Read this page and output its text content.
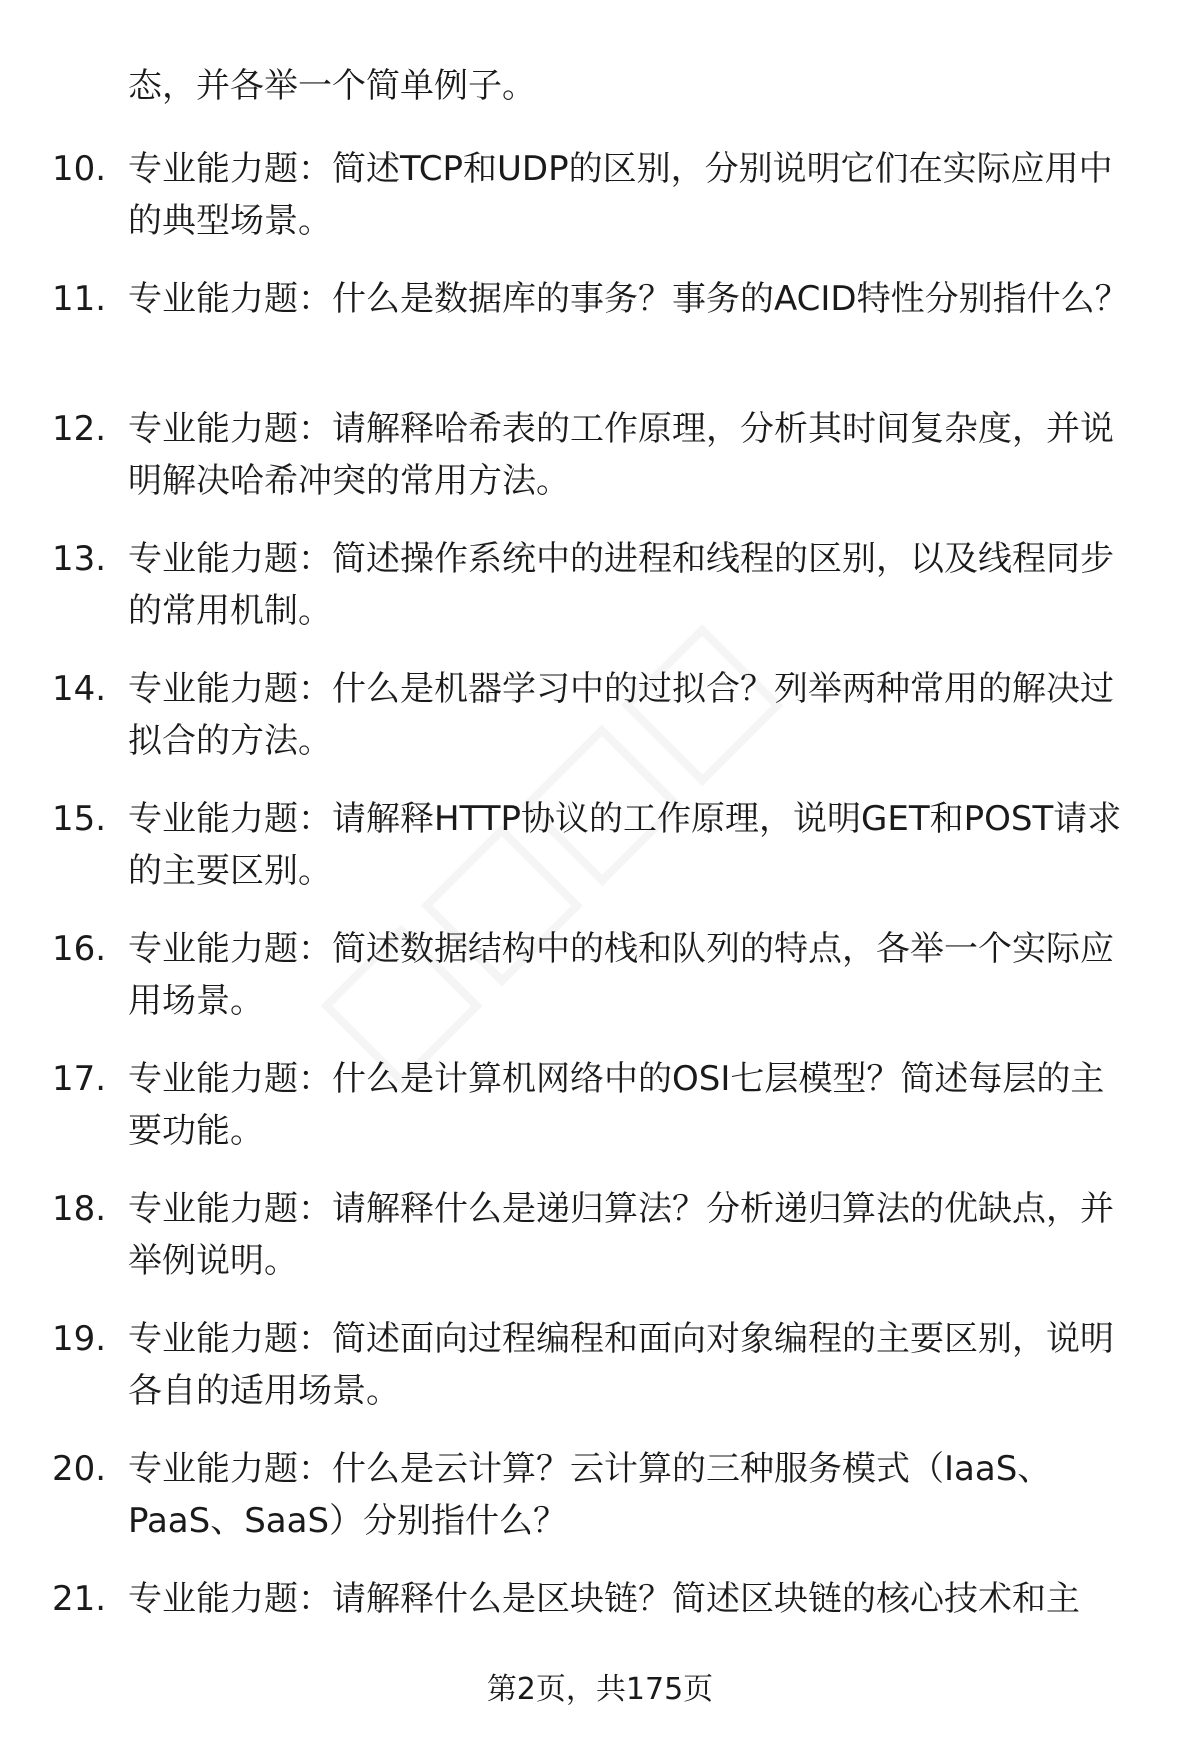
态，并各举一个简单例子。
10. 专业能力题：简述TCP和UDP的区别，分别说明它们在实际应用中的典型场景。
11. 专业能力题：什么是数据库的事务？事务的ACID特性分别指什么？
12. 专业能力题：请解释哈希表的工作原理，分析其时间复杂度，并说明解决哈希冲突的常用方法。
13. 专业能力题：简述操作系统中的进程和线程的区别，以及线程同步的常用机制。
14. 专业能力题：什么是机器学习中的过拟合？列举两种常用的解决过拟合的方法。
15. 专业能力题：请解释HTTP协议的工作原理，说明GET和POST请求的主要区别。
16. 专业能力题：简述数据结构中的栈和队列的特点，各举一个实际应用场景。
17. 专业能力题：什么是计算机网络中的OSI七层模型？简述每层的主要功能。
18. 专业能力题：请解释什么是递归算法？分析递归算法的优缺点，并举例说明。
19. 专业能力题：简述面向过程编程和面向对象编程的主要区别，说明各自的适用场景。
20. 专业能力题：什么是云计算？云计算的三种服务模式（IaaS、PaaS、SaaS）分别指什么？
21. 专业能力题：请解释什么是区块链？简述区块链的核心技术和主
第2页，共175页
